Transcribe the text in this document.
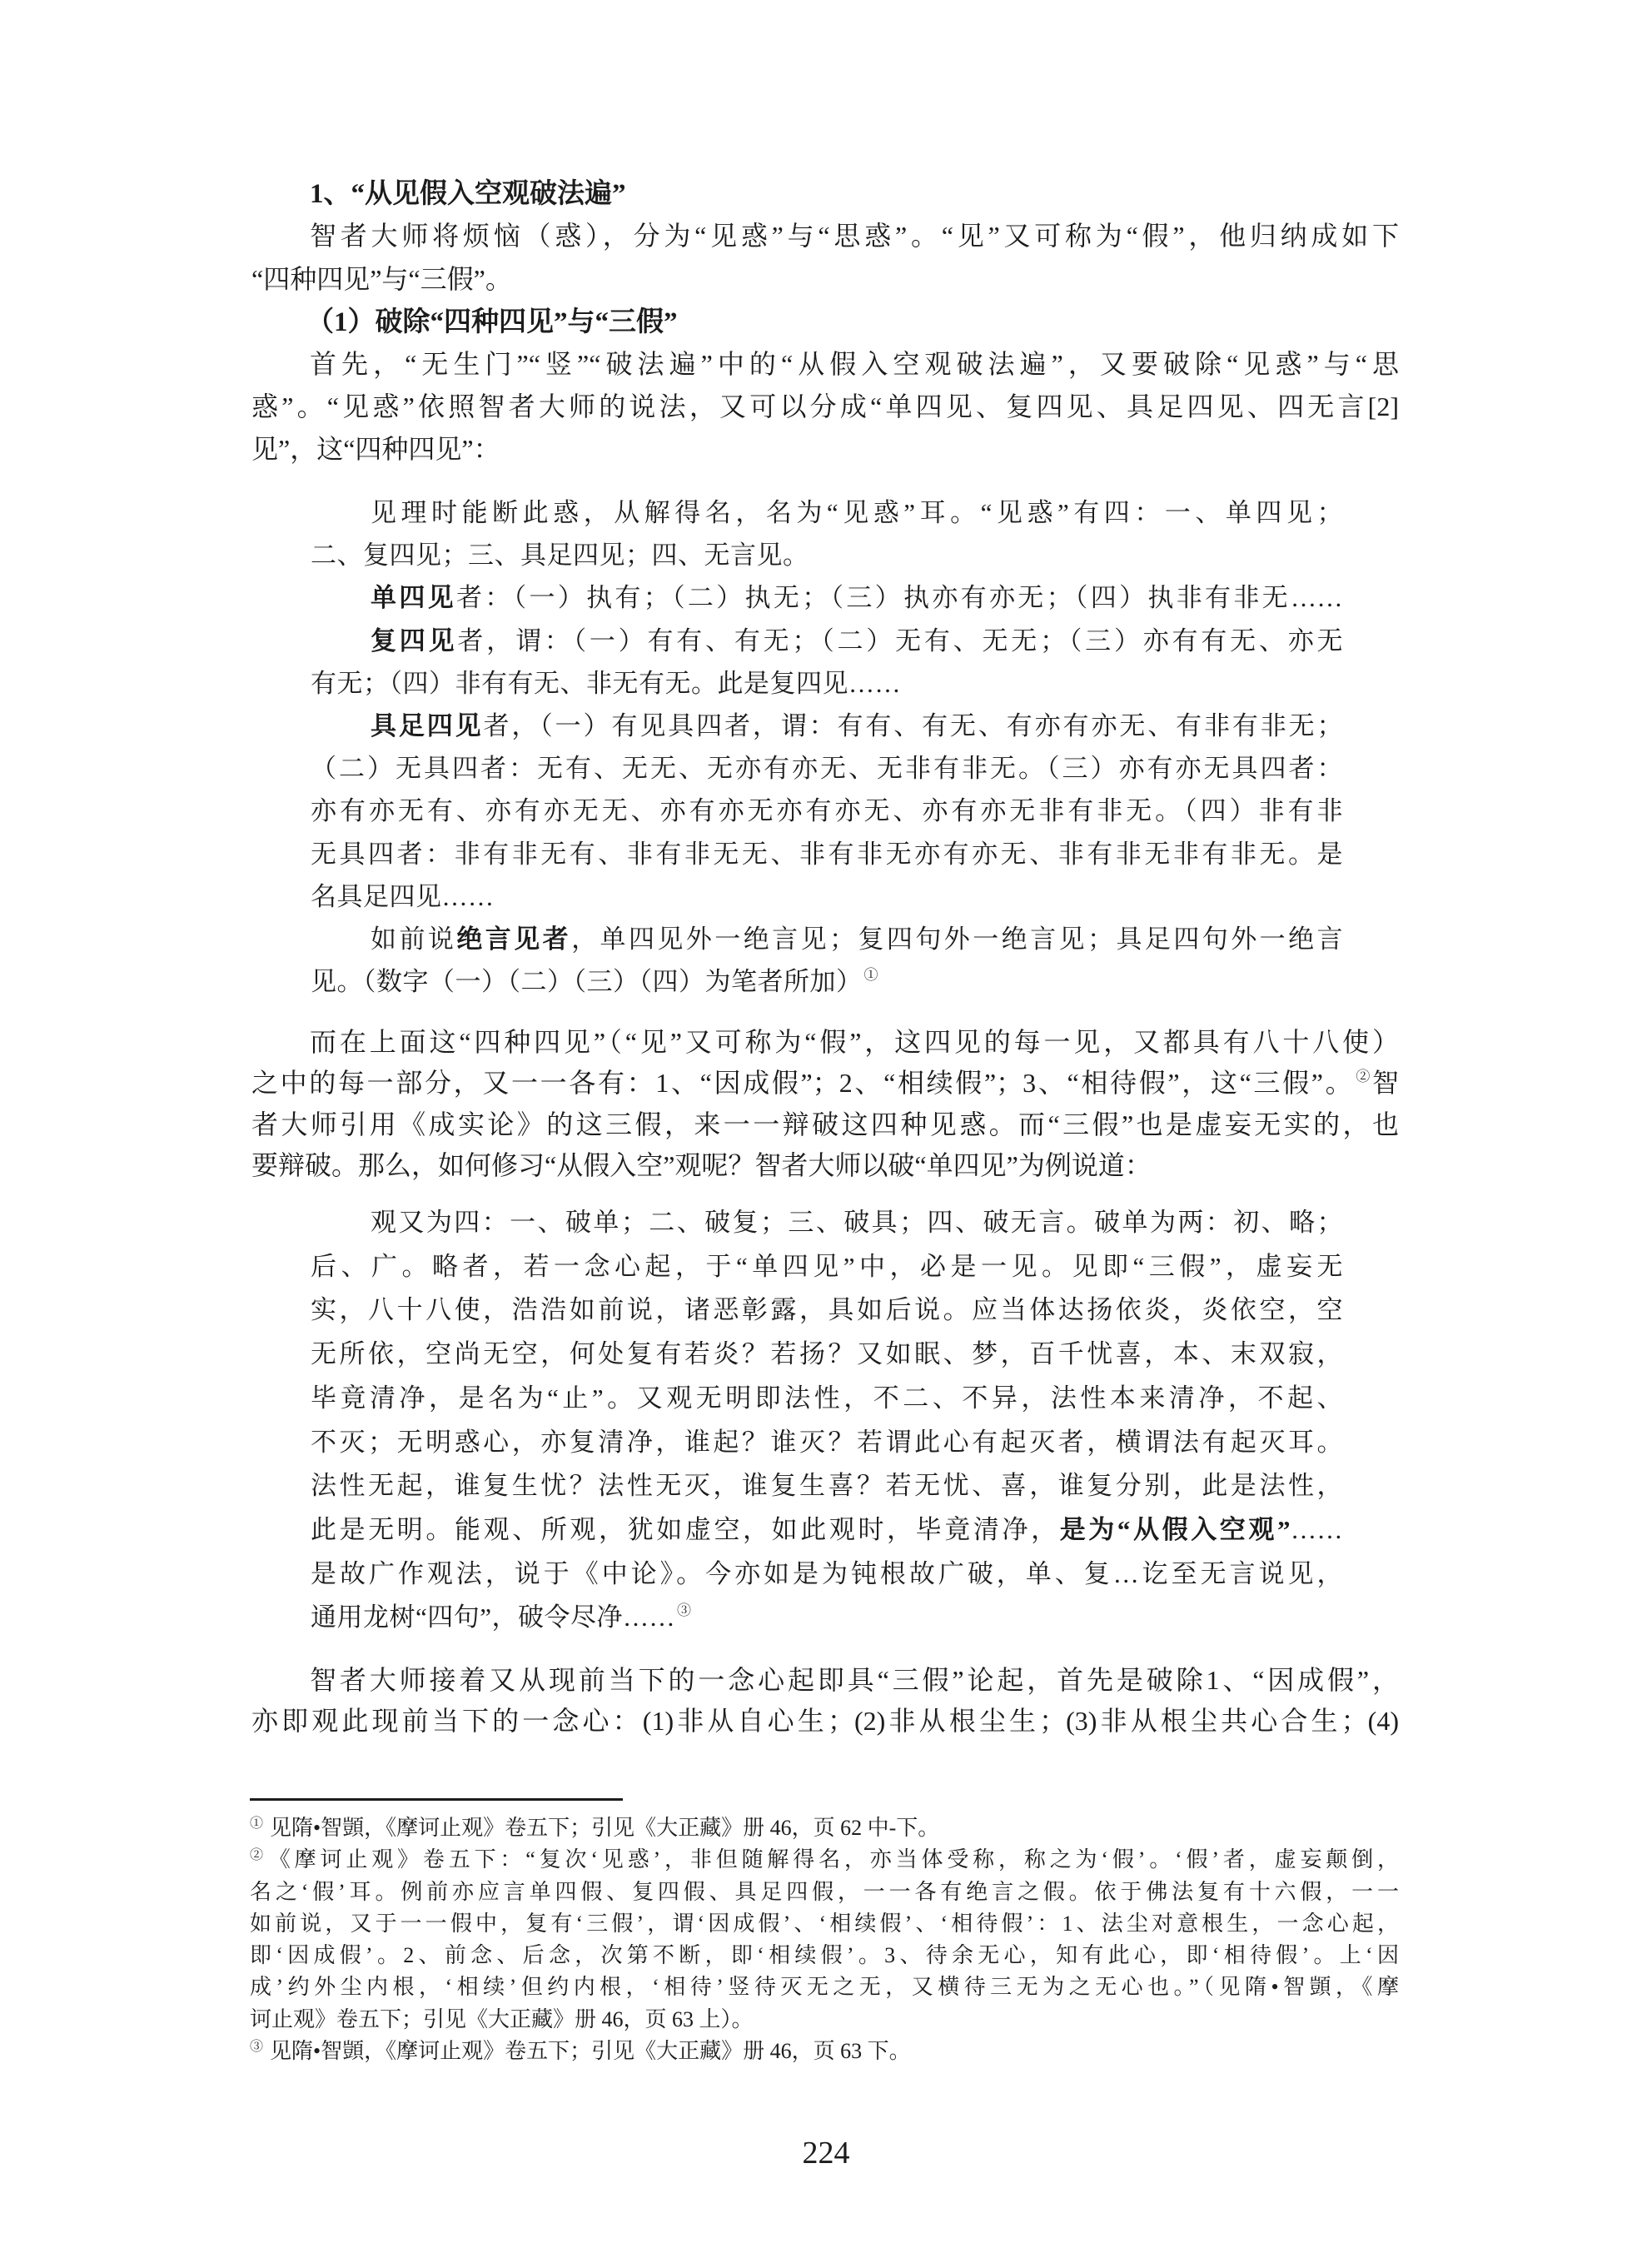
1、“从见假入空观破法遍”
智者大师将烦恼（惑），分为“见惑”与“思惑”。“见”又可称为“假”，他归纳成如下
“四种四见”与“三假”。
（1）破除“四种四见”与“三假”
首先，“无生门”“竖”“破法遍”中的“从假入空观破法遍”，又要破除“见惑”与“思
惑”。“见惑”依照智者大师的说法，又可以分成“单四见、复四见、具足四见、四无言[2]
见”，这“四种四见”：
见理时能断此惑，从解得名，名为“见惑”耳。“见惑”有四：一、单四见；
二、复四见；三、具足四见；四、无言见。
单四见者：（一）执有；（二）执无；（三）执亦有亦无；（四）执非有非无……
复四见者，谓：（一）有有、有无；（二）无有、无无；（三）亦有有无、亦无
有无；（四）非有有无、非无有无。此是复四见……
具足四见者，（一）有见具四者，谓：有有、有无、有亦有亦无、有非有非无；
（二）无具四者：无有、无无、无亦有亦无、无非有非无。（三）亦有亦无具四者：
亦有亦无有、亦有亦无无、亦有亦无亦有亦无、亦有亦无非有非无。（四）非有非
无具四者：非有非无有、非有非无无、非有非无亦有亦无、非有非无非有非无。是
名具足四见……
如前说绝言见者，单四见外一绝言见；复四句外一绝言见；具足四句外一绝言
见。（数字（一）（二）（三）（四）为笔者所加） ①
而在上面这“四种四见”（“见”又可称为“假”，这四见的每一见，又都具有八十八使）
之中的每一部分，又一一各有：1、“因成假”；2、“相续假”；3、“相待假”，这“三假”。 ②智
者大师引用《成实论》的这三假，来一一辩破这四种见惑。而“三假”也是虚妄无实的，也
要辩破。那么，如何修习“从假入空”观呢？智者大师以破“单四见”为例说道：
观又为四：一、破单；二、破复；三、破具；四、破无言。破单为两：初、略；
后、广。略者，若一念心起，于“单四见”中，必是一见。见即“三假”，虚妄无
实，八十八使，浩浩如前说，诸恶彰露，具如后说。应当体达扬依炎，炎依空，空
无所依，空尚无空，何处复有若炎？若扬？又如眠、梦，百千忧喜，本、末双寂，
毕竟清净，是名为“止”。又观无明即法性，不二、不异，法性本来清净，不起、
不灭；无明惑心，亦复清净，谁起？谁灭？若谓此心有起灭者，横谓法有起灭耳。
法性无起，谁复生忧？法性无灭，谁复生喜？若无忧、喜，谁复分别，此是法性，
此是无明。能观、所观，犹如虚空，如此观时，毕竟清净，是为“从假入空观”……
是故广作观法，说于《中论》。今亦如是为钝根故广破，单、复…讫至无言说见，
通用龙树“四句”，破令尽净…… ③
智者大师接着又从现前当下的一念心起即具“三假”论起，首先是破除1、“因成假”，
亦即观此现前当下的一念心：(1)非从自心生；(2)非从根尘生；(3)非从根尘共心合生；(4)
① 见隋•智顗，《摩诃止观》卷五下；引见《大正藏》册 46，页 62 中-下。
②《摩诃止观》卷五下：“复次‘见惑’，非但随解得名，亦当体受称，称之为‘假’。‘假’者，虚妄颠倒，
名之‘假’耳。例前亦应言单四假、复四假、具足四假，一一各有绝言之假。依于佛法复有十六假，一一
如前说，又于一一假中，复有‘三假’，谓‘因成假’、‘相续假’、‘相待假’：1、法尘对意根生，一念心起，
即‘因成假’。2、前念、后念，次第不断，即‘相续假’。3、待余无心，知有此心，即‘相待假’。上‘因
成’约外尘内根，‘相续’但约内根，‘相待’竖待灭无之无，又横待三无为之无心也。”（见隋•智顗，《摩
诃止观》卷五下；引见《大正藏》册 46，页 63 上）。
③ 见隋•智顗，《摩诃止观》卷五下；引见《大正藏》册 46，页 63 下。
224
